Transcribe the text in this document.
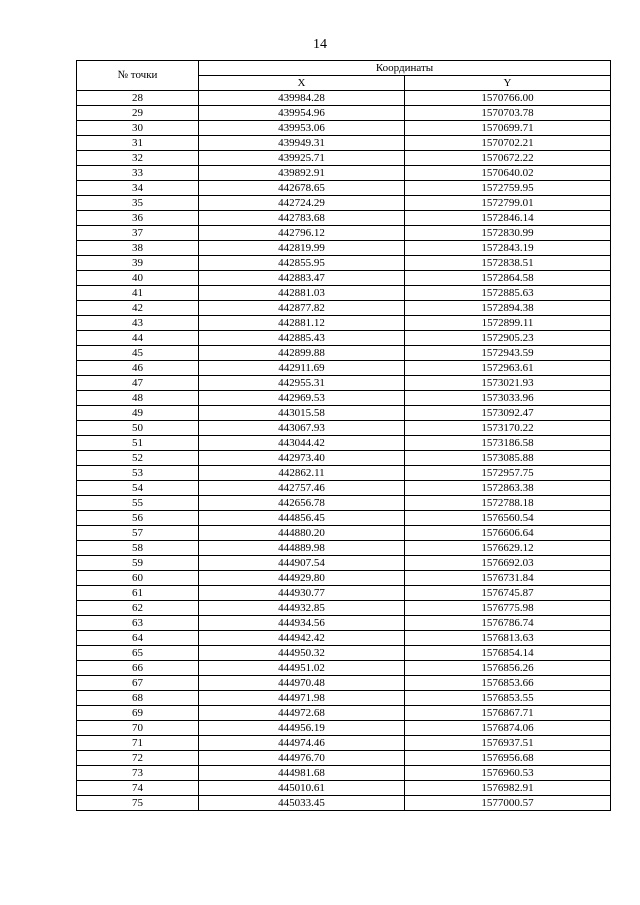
14
№ точки	Координаты	
	X	Y
28	439984.28	1570766.00
29	439954.96	1570703.78
30	439953.06	1570699.71
31	439949.31	1570702.21
32	439925.71	1570672.22
33	439892.91	1570640.02
34	442678.65	1572759.95
35	442724.29	1572799.01
36	442783.68	1572846.14
37	442796.12	1572830.99
38	442819.99	1572843.19
39	442855.95	1572838.51
40	442883.47	1572864.58
41	442881.03	1572885.63
42	442877.82	1572894.38
43	442881.12	1572899.11
44	442885.43	1572905.23
45	442899.88	1572943.59
46	442911.69	1572963.61
47	442955.31	1573021.93
48	442969.53	1573033.96
49	443015.58	1573092.47
50	443067.93	1573170.22
51	443044.42	1573186.58
52	442973.40	1573085.88
53	442862.11	1572957.75
54	442757.46	1572863.38
55	442656.78	1572788.18
56	444856.45	1576560.54
57	444880.20	1576606.64
58	444889.98	1576629.12
59	444907.54	1576692.03
60	444929.80	1576731.84
61	444930.77	1576745.87
62	444932.85	1576775.98
63	444934.56	1576786.74
64	444942.42	1576813.63
65	444950.32	1576854.14
66	444951.02	1576856.26
67	444970.48	1576853.66
68	444971.98	1576853.55
69	444972.68	1576867.71
70	444956.19	1576874.06
71	444974.46	1576937.51
72	444976.70	1576956.68
73	444981.68	1576960.53
74	445010.61	1576982.91
75	445033.45	1577000.57
